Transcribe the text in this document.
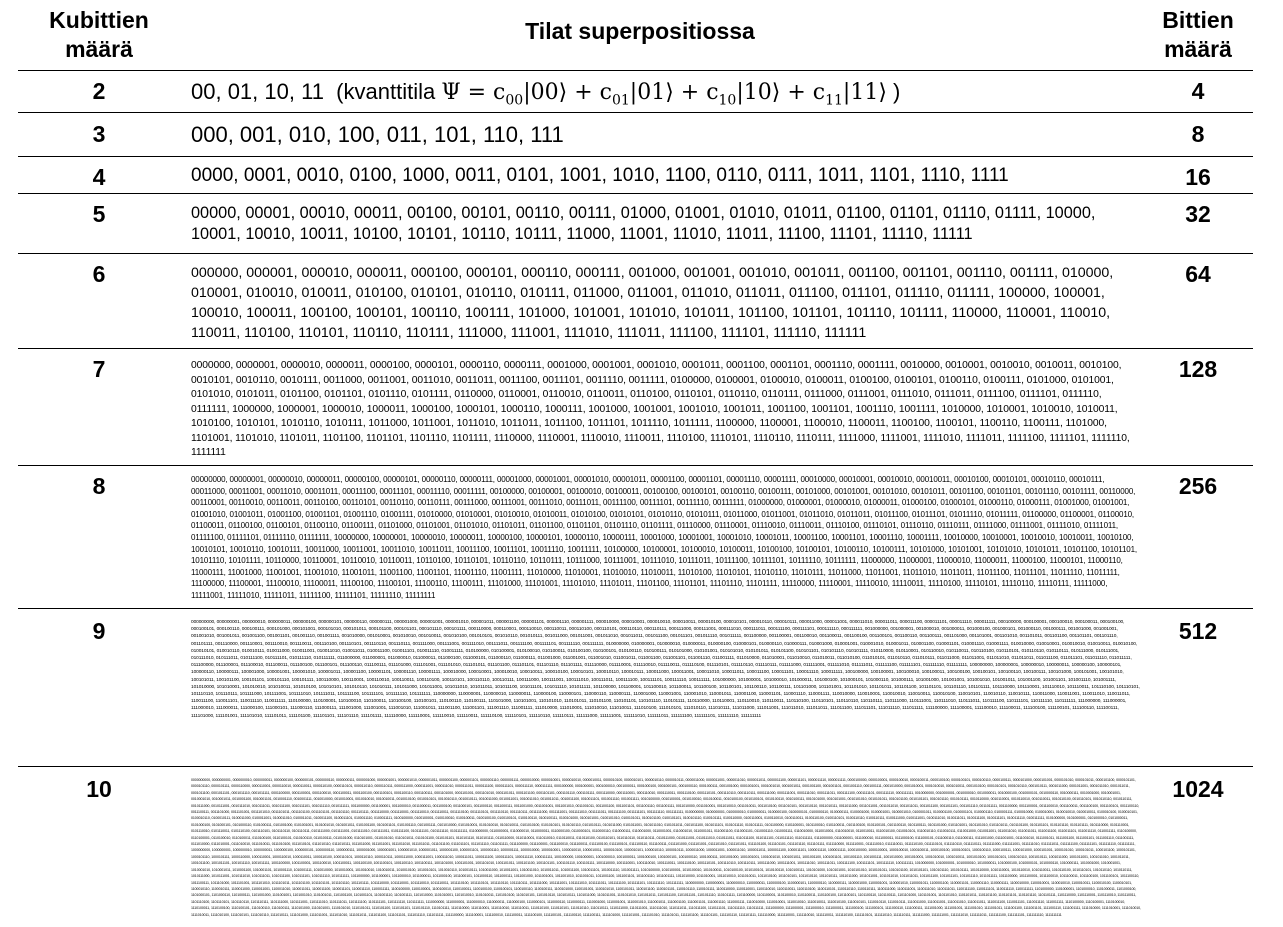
Kubittien määrä
Tilat superpositiossa	Bittien määrä
2	00, 01, 10, 11 (kvanttitila $\Psi = c_{00}|00⟩$ + $c_{01}|01⟩$ + $c_{10}|10⟩$ + $c_{11}|11⟩$ )	4
3	000, 001, 010, 100, 011, 101, 110, 111	8
4	0000, 0001, 0010, 0100, 1000, 0011, 0101, 1001, 1010, 1100, 0110, 0111, 1011, 1101, 1110, 1111	16
5	00000, 00001, 00010, 00011, 00100, 00101, 00110, 00111, 01000, 01001, 01010, 01011, 01100, 01101, 01110, 01111, 10000, 10001, 10010, 10011, 10100, 10101, 10110, 10111, 11000, 11001, 11010, 11011, 11100, 11101, 11110, 11111
32
6	000000, 000001, 000010, 000011, 000100, 000101, 000110, 000111, 001000, 001001, 001010, 001011, 001100, 001101, 001110, 001111, 010000, 010001, 010010, 010011, 010100, 010101, 010110, 010111, 011000, 011001, 011010, 011011, 011100, 011101, 011110, 011111, 100000, 100001, 100010, 100011, 100100, 100101, 100110, 100111, 101000, 101001, 101010, 101011, 101100, 101101, 101110, 101111, 110000, 110001, 110010, 110011, 110100, 110101, 110110, 110111, 111000, 111001, 111010, 111011, 111100, 111101, 111110, 111111
64
7	0000000, 0000001, 0000010, 0000011, 0000100, 0000101, 0000110, 0000111, 0001000, 0001001, 0001010, 0001011, 0001100, 0001101, 0001110, 0001111, 0010000, 0010001, 0010010, 0010011, 0010100, 0010101, 0010110, 0010111, 0011000, 0011001, 0011010, 0011011, 0011100, 0011101, 0011110, 0011111, 0100000, 0100001, 0100010, 0100011, 0100100, 0100101, 0100110, 0100111, 0101000, 0101001, 0101010, 0101011, 0101100, 0101101, 0101110, 0101111, 0110000, 0110001, 0110010, 0110011, 0110100, 0110101, 0110110, 0110111, 0111000, 0111001, 0111010, 0111011, 0111100, 0111101, 0111110, 0111111, 1000000, 1000001, 1000010, 1000011, 1000100, 1000101, 1000110, 1000111, 1001000, 1001001, 1001010, 1001011, 1001100, 1001101, 1001110, 1001111, 1010000, 1010001, 1010010, 1010011, 1010100, 1010101, 1010110, 1010111, 1011000, 1011001, 1011010, 1011011, 1011100, 1011101, 1011110, 1011111, 1100000, 1100001, 1100010, 1100011, 1100100, 1100101, 1100110, 1100111, 1101000, 1101001, 1101010, 1101011, 1101100, 1101101, 1101110, 1101111, 1110000, 1110001, 1110010, 1110011, 1110100, 1110101, 1110110, 1110111, 1111000, 1111001, 1111010, 1111011, 1111100, 1111101, 1111110, 1111111
128
8	00000000, 00000001, 00000010, 00000011, 00000100, 00000101, 00000110, 00000111, 00001000, 00001001, 00001010, 00001011, 00001100, 00001101, 00001110, 00001111, 00010000, 00010001, 00010010, 00010011, 00010100, 00010101, 00010110, 00010111, 00011000, 00011001, 00011010, 00011011, 00011100, 00011101, 00011110, 00011111, 00100000, 00100001, 00100010, 00100011, 00100100, 00100101, 00100110, 00100111, 00101000, 00101001, 00101010, 00101011, 00101100, 00101101, 00101110, 00101111, 00110000, 00110001, 00110010, 00110011, 00110100, 00110101, 00110110, 00110111, 00111000, 00111001, 00111010, 00111011, 00111100, 00111101, 00111110, 00111111, 01000000, 01000001, 01000010, 01000011, 01000100, 01000101, 01000110, 01000111, 01001000, 01001001, 01001010, 01001011, 01001100, 01001101, 01001110, 01001111, 01010000, 01010001, 01010010, 01010011, 01010100, 01010101, 01010110, 01010111, 01011000, 01011001, 01011010, 01011011, 01011100, 01011101, 01011110, 01011111, 01100000, 01100001, 01100010, 01100011, 01100100, 01100101, 01100110, 01100111, 01101000, 01101001, 01101010, 01101011, 01101100, 01101101, 01101110, 01101111, 01110000, 01110001, 01110010, 01110011, 01110100, 01110101, 01110110, 01110111, 01111000, 01111001, 01111010, 01111011, 01111100, 01111101, 01111110, 01111111, 10000000, 10000001, 10000010, 10000011, 10000100, 10000101, 10000110, 10000111, 10001000, 10001001, 10001010, 10001011, 10001100, 10001101, 10001110, 10001111, 10010000, 10010001, 10010010, 10010011, 10010100, 10010101, 10010110, 10010111, 10011000, 10011001, 10011010, 10011011, 10011100, 10011101, 10011110, 10011111, 10100000, 10100001, 10100010, 10100011, 10100100, 10100101, 10100110, 10100111, 10101000, 10101001, 10101010, 10101011, 10101100, 10101101, 10101110, 10101111, 10110000, 10110001, 10110010, 10110011, 10110100, 10110101, 10110110, 10110111, 10111000, 10111001, 10111010, 10111011, 10111100, 10111101, 10111110, 10111111, 11000000, 11000001, 11000010, 11000011, 11000100, 11000101, 11000110, 11000111, 11001000, 11001001, 11001010, 11001011, 11001100, 11001101, 11001110, 11001111, 11010000, 11010001, 11010010, 11010011, 11010100, 11010101, 11010110, 11010111, 11011000, 11011001, 11011010, 11011011, 11011100, 11011101, 11011110, 11011111, 11100000, 11100001, 11100010, 11100011, 11100100, 11100101, 11100110, 11100111, 11101000, 11101001, 11101010, 11101011, 11101100, 11101101, 11101110, 11101111, 11110000, 11110001, 11110010, 11110011, 11110100, 11110101, 11110110, 11110111, 11111000, 11111001, 11111010, 11111011, 11111100, 11111101, 11111110, 11111111
256
9	000000000, 000000001, 000000010, 000000011, 000000100, 000000101, 000000110, 000000111, 000001000, 000001001, 000001010, 000001011, 000001100, 000001101, 000001110, 000001111, 000010000, 000010001, 000010010, 000010011, 000010100, 000010101, 000010110, 000010111, 000011000, 000011001, 000011010, 000011011, 000011100, 000011101, 000011110, 000011111, 000100000, 000100001, 000100010, 000100011, 000100100, 000100101, 000100110, 000100111, 000101000, 000101001, 000101010, 000101011, 000101100, 000101101, 000101110, 000101111, 000110000, 000110001, 000110010, 000110011, 000110100, 000110101, 000110110, 000110111, 000111000, 000111001, 000111010, 000111011, 000111100, 000111101, 000111110, 000111111, 001000000, 001000001, 001000010, 001000011, 001000100, 001000101, 001000110, 001000111, 001001000, 001001001, 001001010, 001001011, 001001100, 001001101, 001001110, 001001111, 001010000, 001010001, 001010010, 001010011, 001010100, 001010101, 001010110, 001010111, 001011000, 001011001, 001011010, 001011011, 001011100, 001011101, 001011110, 001011111, 001100000, 001100001, 001100010, 001100011, 001100100, 001100101, 001100110, 001100111, 001101000, 001101001, 001101010, 001101011, 001101100, 001101101, 001101110, 001101111, 001110000, 001110001, 001110010, 001110011, 001110100, 001110101, 001110110, 001110111, 001111000, 001111001, 001111010, 001111011, 001111100, 001111101, 001111110, 001111111, 010000000, 010000001, 010000010, 010000011, 010000100, 010000101, 010000110, 010000111, 010001000, 010001001, 010001010, 010001011, 010001100, 010001101, 010001110, 010001111, 010010000, 010010001, 010010010, 010010011, 010010100, 010010101, 010010110, 010010111, 010011000, 010011001, 010011010, 010011011, 010011100, 010011101, 010011110, 010011111, 010100000, 010100001, 010100010, 010100011, 010100100, 010100101, 010100110, 010100111, 010101000, 010101001, 010101010, 010101011, 010101100, 010101101, 010101110, 010101111, 010110000, 010110001, 010110010, 010110011, 010110100, 010110101, 010110110, 010110111, 010111000, 010111001, 010111010, 010111011, 010111100, 010111101, 010111110, 010111111, 011000000, 011000001, 011000010, 011000011, 011000100, 011000101, 011000110, 011000111, 011001000, 011001001, 011001010, 011001011, 011001100, 011001101, 011001110, 011001111, 011010000, 011010001, 011010010, 011010011, 011010100, 011010101, 011010110, 011010111, 011011000, 011011001, 011011010, 011011011, 011011100, 011011101, 011011110, 011011111, 011100000, 011100001, 011100010, 011100011, 011100100, 011100101, 011100110, 011100111, 011101000, 011101001, 011101010, 011101011, 011101100, 011101101, 011101110, 011101111, 011110000, 011110001, 011110010, 011110011, 011110100, 011110101, 011110110, 011110111, 011111000, 011111001, 011111010, 011111011, 011111100, 011111101, 011111110, 011111111, 100000000, 100000001, 100000010, 100000011, 100000100, 100000101, 100000110, 100000111, 100001000, 100001001, 100001010, 100001011, 100001100, 100001101, 100001110, 100001111, 100010000, 100010001, 100010010, 100010011, 100010100, 100010101, 100010110, 100010111, 100011000, 100011001, 100011010, 100011011, 100011100, 100011101, 100011110, 100011111, 100100000, 100100001, 100100010, 100100011, 100100100, 100100101, 100100110, 100100111, 100101000, 100101001, 100101010, 100101011, 100101100, 100101101, 100101110, 100101111, 100110000, 100110001, 100110010, 100110011, 100110100, 100110101, 100110110, 100110111, 100111000, 100111001, 100111010, 100111011, 100111100, 100111101, 100111110, 100111111, 101000000, 101000001, 101000010, 101000011, 101000100, 101000101, 101000110, 101000111, 101001000, 101001001, 101001010, 101001011, 101001100, 101001101, 101001110, 101001111, 101010000, 101010001, 101010010, 101010011, 101010100, 101010101, 101010110, 101010111, 101011000, 101011001, 101011010, 101011011, 101011100, 101011101, 101011110, 101011111, 101100000, 101100001, 101100010, 101100011, 101100100, 101100101, 101100110, 101100111, 101101000, 101101001, 101101010, 101101011, 101101100, 101101101, 101101110, 101101111, 101110000, 101110001, 101110010, 101110011, 101110100, 101110101, 101110110, 101110111, 101111000, 101111001, 101111010, 101111011, 101111100, 101111101, 101111110, 101111111, 110000000, 110000001, 110000010, 110000011, 110000100, 110000101, 110000110, 110000111, 110001000, 110001001, 110001010, 110001011, 110001100, 110001101, 110001110, 110001111, 110010000, 110010001, 110010010, 110010011, 110010100, 110010101, 110010110, 110010111, 110011000, 110011001, 110011010, 110011011, 110011100, 110011101, 110011110, 110011111, 110100000, 110100001, 110100010, 110100011, 110100100, 110100101, 110100110, 110100111, 110101000, 110101001, 110101010, 110101011, 110101100, 110101101, 110101110, 110101111, 110110000, 110110001, 110110010, 110110011, 110110100, 110110101, 110110110, 110110111, 110111000, 110111001, 110111010, 110111011, 110111100, 110111101, 110111110, 110111111, 111000000, 111000001, 111000010, 111000011, 111000100, 111000101, 111000110, 111000111, 111001000, 111001001, 111001010, 111001011, 111001100, 111001101, 111001110, 111001111, 111010000, 111010001, 111010010, 111010011, 111010100, 111010101, 111010110, 111010111, 111011000, 111011001, 111011010, 111011011, 111011100, 111011101, 111011110, 111011111, 111100000, 111100001, 111100010, 111100011, 111100100, 111100101, 111100110, 111100111, 111101000, 111101001, 111101010, 111101011, 111101100, 111101101, 111101110, 111101111, 111110000, 111110001, 111110010, 111110011, 111110100, 111110101, 111110110, 111110111, 111111000, 111111001, 111111010, 111111011, 111111100, 111111101, 111111110, 111111111
512
10	0000000000, 0000000001, 0000000010, 0000000011, 0000000100, 0000000101, 0000000110, 0000000111, 0000001000, 0000001001, 0000001010, 0000001011, 0000001100, 0000001101, 0000001110, 0000001111, 0000010000, 0000010001, 0000010010, 0000010011, 0000010100, 0000010101, 0000010110, 0000010111, 0000011000, 0000011001, 0000011010, 0000011011, 0000011100, 0000011101, 0000011110, 0000011111, 0000100000, 0000100001, 0000100010, 0000100011, 0000100100, 0000100101, 0000100110, 0000100111, 0000101000, 0000101001, 0000101010, 0000101011, 0000101100, 0000101101, 0000101110, 0000101111, 0000110000, 0000110001, 0000110010, 0000110011, 0000110100, 0000110101, 0000110110, 0000110111, 0000111000, 0000111001, 0000111010, 0000111011, 0000111100, 0000111101, 0000111110, 0000111111, 0001000000, 0001000001, 0001000010, 0001000011, 0001000100, 0001000101, 0001000110, 0001000111, 0001001000, 0001001001, 0001001010, 0001001011, 0001001100, 0001001101, 0001001110, 0001001111, 0001010000, 0001010001, 0001010010, 0001010011, 0001010100, 0001010101, 0001010110, 0001010111, 0001011000, 0001011001, 0001011010, 0001011011, 0001011100, 0001011101, 0001011110, 0001011111, 0001100000, 0001100001, 0001100010, 0001100011, 0001100100, 0001100101, 0001100110, 0001100111, 0001101000, 0001101001, 0001101010, 0001101011, 0001101100, 0001101101, 0001101110, 0001101111, 0001110000, 0001110001, 0001110010, 0001110011, 0001110100, 0001110101, 0001110110, 0001110111, 0001111000, 0001111001, 0001111010, 0001111011, 0001111100, 0001111101, 0001111110, 0001111111, 0010000000, 0010000001, 0010000010, 0010000011, 0010000100, 0010000101, 0010000110, 0010000111, 0010001000, 0010001001, 0010001010, 0010001011, 0010001100, 0010001101, 0010001110, 0010001111, 0010010000, 0010010001, 0010010010, 0010010011, 0010010100, 0010010101, 0010010110, 0010010111, 0010011000, 0010011001, 0010011010, 0010011011, 0010011100, 0010011101, 0010011110, 0010011111, 0010100000, 0010100001, 0010100010, 0010100011, 0010100100, 0010100101, 0010100110, 0010100111, 0010101000, 0010101001, 0010101010, 0010101011, 0010101100, 0010101101, 0010101110, 0010101111, 0010110000, 0010110001, 0010110010, 0010110011, 0010110100, 0010110101, 0010110110, 0010110111, 0010111000, 0010111001, 0010111010, 0010111011, 0010111100, 0010111101, 0010111110, 0010111111, 0011000000, 0011000001, 0011000010, 0011000011, 0011000100, 0011000101, 0011000110, 0011000111, 0011001000, 0011001001, 0011001010, 0011001011, 0011001100, 0011001101, 0011001110, 0011001111, 0011010000, 0011010001, 0011010010, 0011010011, 0011010100, 0011010101, 0011010110, 0011010111, 0011011000, 0011011001, 0011011010, 0011011011, 0011011100, 0011011101, 0011011110, 0011011111, 0011100000, 0011100001, 0011100010, 0011100011, 0011100100, 0011100101, 0011100110, 0011100111, 0011101000, 0011101001, 0011101010, 0011101011, 0011101100, 0011101101, 0011101110, 0011101111, 0011110000, 0011110001, 0011110010, 0011110011, 0011110100, 0011110101, 0011110110, 0011110111, 0011111000, 0011111001, 0011111010, 0011111011, 0011111100, 0011111101, 0011111110, 0011111111, 0100000000, 0100000001, 0100000010, 0100000011, 0100000100, 0100000101, 0100000110, 0100000111, 0100001000, 0100001001, 0100001010, 0100001011, 0100001100, 0100001101, 0100001110, 0100001111, 0100010000, 0100010001, 0100010010, 0100010011, 0100010100, 0100010101, 0100010110, 0100010111, 0100011000, 0100011001, 0100011010, 0100011011, 0100011100, 0100011101, 0100011110, 0100011111, 0100100000, 0100100001, 0100100010, 0100100011, 0100100100, 0100100101, 0100100110, 0100100111, 0100101000, 0100101001, 0100101010, 0100101011, 0100101100, 0100101101, 0100101110, 0100101111, 0100110000, 0100110001, 0100110010, 0100110011, 0100110100, 0100110101, 0100110110, 0100110111, 0100111000, 0100111001, 0100111010, 0100111011, 0100111100, 0100111101, 0100111110, 0100111111, 0101000000, 0101000001, 0101000010, 0101000011, 0101000100, 0101000101, 0101000110, 0101000111, 0101001000, 0101001001, 0101001010, 0101001011, 0101001100, 0101001101, 0101001110, 0101001111, 0101010000, 0101010001, 0101010010, 0101010011, 0101010100, 0101010101, 0101010110, 0101010111, 0101011000, 0101011001, 0101011010, 0101011011, 0101011100, 0101011101, 0101011110, 0101011111, 0101100000, 0101100001, 0101100010, 0101100011, 0101100100, 0101100101, 0101100110, 0101100111, 0101101000, 0101101001, 0101101010, 0101101011, 0101101100, 0101101101, 0101101110, 0101101111, 0101110000, 0101110001, 0101110010, 0101110011, 0101110100, 0101110101, 0101110110, 0101110111, 0101111000, 0101111001, 0101111010, 0101111011, 0101111100, 0101111101, 0101111110, 0101111111, 0110000000, 0110000001, 0110000010, 0110000011, 0110000100, 0110000101, 0110000110, 0110000111, 0110001000, 0110001001, 0110001010, 0110001011, 0110001100, 0110001101, 0110001110, 0110001111, 0110010000, 0110010001, 0110010010, 0110010011, 0110010100, 0110010101, 0110010110, 0110010111, 0110011000, 0110011001, 0110011010, 0110011011, 0110011100, 0110011101, 0110011110, 0110011111, 0110100000, 0110100001, 0110100010, 0110100011, 0110100100, 0110100101, 0110100110, 0110100111, 0110101000, 0110101001, 0110101010, 0110101011, 0110101100, 0110101101, 0110101110, 0110101111, 0110110000, 0110110001, 0110110010, 0110110011, 0110110100, 0110110101, 0110110110, 0110110111, 0110111000, 0110111001, 0110111010, 0110111011, 0110111100, 0110111101, 0110111110, 0110111111, 0111000000, 0111000001, 0111000010, 0111000011, 0111000100, 0111000101, 0111000110, 0111000111, 0111001000, 0111001001, 0111001010, 0111001011, 0111001100, 0111001101, 0111001110, 0111001111, 0111010000, 0111010001, 0111010010, 0111010011, 0111010100, 0111010101, 0111010110, 0111010111, 0111011000, 0111011001, 0111011010, 0111011011, 0111011100, 0111011101, 0111011110, 0111011111, 0111100000, 0111100001, 0111100010, 0111100011, 0111100100, 0111100101, 0111100110, 0111100111, 0111101000, 0111101001, 0111101010, 0111101011, 0111101100, 0111101101, 0111101110, 0111101111, 0111110000, 0111110001, 0111110010, 0111110011, 0111110100, 0111110101, 0111110110, 0111110111, 0111111000, 0111111001, 0111111010, 0111111011, 0111111100, 0111111101, 0111111110, 0111111111, 1000000000, 1000000001, 1000000010, 1000000011, 1000000100, 1000000101, 1000000110, 1000000111, 1000001000, 1000001001, 1000001010, 1000001011, 1000001100, 1000001101, 1000001110, 1000001111, 1000010000, 1000010001, 1000010010, 1000010011, 1000010100, 1000010101, 1000010110, 1000010111, 1000011000, 1000011001, 1000011010, 1000011011, 1000011100, 1000011101, 1000011110, 1000011111, 1000100000, 1000100001, 1000100010, 1000100011, 1000100100, 1000100101, 1000100110, 1000100111, 1000101000, 1000101001, 1000101010, 1000101011, 1000101100, 1000101101, 1000101110, 1000101111, 1000110000, 1000110001, 1000110010, 1000110011, 1000110100, 1000110101, 1000110110, 1000110111, 1000111000, 1000111001, 1000111010, 1000111011, 1000111100, 1000111101, 1000111110, 1000111111, 1001000000, 1001000001, 1001000010, 1001000011, 1001000100, 1001000101, 1001000110, 1001000111, 1001001000, 1001001001, 1001001010, 1001001011, 1001001100, 1001001101, 1001001110, 1001001111, 1001010000, 1001010001, 1001010010, 1001010011, 1001010100, 1001010101, 1001010110, 1001010111, 1001011000, 1001011001, 1001011010, 1001011011, 1001011100, 1001011101, 1001011110, 1001011111, 1001100000, 1001100001, 1001100010, 1001100011, 1001100100, 1001100101, 1001100110, 1001100111, 1001101000, 1001101001, 1001101010, 1001101011, 1001101100, 1001101101, 1001101110, 1001101111, 1001110000, 1001110001, 1001110010, 1001110011, 1001110100, 1001110101, 1001110110, 1001110111, 1001111000, 1001111001, 1001111010, 1001111011, 1001111100, 1001111101, 1001111110, 1001111111, 1010000000, 1010000001, 1010000010, 1010000011, 1010000100, 1010000101, 1010000110, 1010000111, 1010001000, 1010001001, 1010001010, 1010001011, 1010001100, 1010001101, 1010001110, 1010001111, 1010010000, 1010010001, 1010010010, 1010010011, 1010010100, 1010010101, 1010010110, 1010010111, 1010011000, 1010011001, 1010011010, 1010011011, 1010011100, 1010011101, 1010011110, 1010011111, 1010100000, 1010100001, 1010100010, 1010100011, 1010100100, 1010100101, 1010100110, 1010100111, 1010101000, 1010101001, 1010101010, 1010101011, 1010101100, 1010101101, 1010101110, 1010101111, 1010110000, 1010110001, 1010110010, 1010110011, 1010110100, 1010110101, 1010110110, 1010110111, 1010111000, 1010111001, 1010111010, 1010111011, 1010111100, 1010111101, 1010111110, 1010111111, 1011000000, 1011000001, 1011000010, 1011000011, 1011000100, 1011000101, 1011000110, 1011000111, 1011001000, 1011001001, 1011001010, 1011001011, 1011001100, 1011001101, 1011001110, 1011001111, 1011010000, 1011010001, 1011010010, 1011010011, 1011010100, 1011010101, 1011010110, 1011010111, 1011011000, 1011011001, 1011011010, 1011011011, 1011011100, 1011011101, 1011011110, 1011011111, 1011100000, 1011100001, 1011100010, 1011100011, 1011100100, 1011100101, 1011100110, 1011100111, 1011101000, 1011101001, 1011101010, 1011101011, 1011101100, 1011101101, 1011101110, 1011101111, 1011110000, 1011110001, 1011110010, 1011110011, 1011110100, 1011110101, 1011110110, 1011110111, 1011111000, 1011111001, 1011111010, 1011111011, 1011111100, 1011111101, 1011111110, 1011111111, 1100000000, 1100000001, 1100000010, 1100000011, 1100000100, 1100000101, 1100000110, 1100000111, 1100001000, 1100001001, 1100001010, 1100001011, 1100001100, 1100001101, 1100001110, 1100001111, 1100010000, 1100010001, 1100010010, 1100010011, 1100010100, 1100010101, 1100010110, 1100010111, 1100011000, 1100011001, 1100011010, 1100011011, 1100011100, 1100011101, 1100011110, 1100011111, 1100100000, 1100100001, 1100100010, 1100100011, 1100100100, 1100100101, 1100100110, 1100100111, 1100101000, 1100101001, 1100101010, 1100101011, 1100101100, 1100101101, 1100101110, 1100101111, 1100110000, 1100110001, 1100110010, 1100110011, 1100110100, 1100110101, 1100110110, 1100110111, 1100111000, 1100111001, 1100111010, 1100111011, 1100111100, 1100111101, 1100111110, 1100111111, 1101000000, 1101000001, 1101000010, 1101000011, 1101000100, 1101000101, 1101000110, 1101000111, 1101001000, 1101001001, 1101001010, 1101001011, 1101001100, 1101001101, 1101001110, 1101001111, 1101010000, 1101010001, 1101010010, 1101010011, 1101010100, 1101010101, 1101010110, 1101010111, 1101011000, 1101011001, 1101011010, 1101011011, 1101011100, 1101011101, 1101011110, 1101011111, 1101100000, 1101100001, 1101100010, 1101100011, 1101100100, 1101100101, 1101100110, 1101100111, 1101101000, 1101101001, 1101101010, 1101101011, 1101101100, 1101101101, 1101101110, 1101101111, 1101110000, 1101110001, 1101110010, 1101110011, 1101110100, 1101110101, 1101110110, 1101110111, 1101111000, 1101111001, 1101111010, 1101111011, 1101111100, 1101111101, 1101111110, 1101111111, 1110000000, 1110000001, 1110000010, 1110000011, 1110000100, 1110000101, 1110000110, 1110000111, 1110001000, 1110001001, 1110001010, 1110001011, 1110001100, 1110001101, 1110001110, 1110001111, 1110010000, 1110010001, 1110010010, 1110010011, 1110010100, 1110010101, 1110010110, 1110010111, 1110011000, 1110011001, 1110011010, 1110011011, 1110011100, 1110011101, 1110011110, 1110011111, 1110100000, 1110100001, 1110100010, 1110100011, 1110100100, 1110100101, 1110100110, 1110100111, 1110101000, 1110101001, 1110101010, 1110101011, 1110101100, 1110101101, 1110101110, 1110101111, 1110110000, 1110110001, 1110110010, 1110110011, 1110110100, 1110110101, 1110110110, 1110110111, 1110111000, 1110111001, 1110111010, 1110111011, 1110111100, 1110111101, 1110111110, 1110111111, 1111000000, 1111000001, 1111000010, 1111000011, 1111000100, 1111000101, 1111000110, 1111000111, 1111001000, 1111001001, 1111001010, 1111001011, 1111001100, 1111001101, 1111001110, 1111001111, 1111010000, 1111010001, 1111010010, 1111010011, 1111010100, 1111010101, 1111010110, 1111010111, 1111011000, 1111011001, 1111011010, 1111011011, 1111011100, 1111011101, 1111011110, 1111011111, 1111100000, 1111100001, 1111100010, 1111100011, 1111100100, 1111100101, 1111100110, 1111100111, 1111101000, 1111101001, 1111101010, 1111101011, 1111101100, 1111101101, 1111101110, 1111101111, 1111110000, 1111110001, 1111110010, 1111110011, 1111110100, 1111110101, 1111110110, 1111110111, 1111111000, 1111111001, 1111111010, 1111111011, 1111111100, 1111111101, 1111111110, 1111111111
1024
